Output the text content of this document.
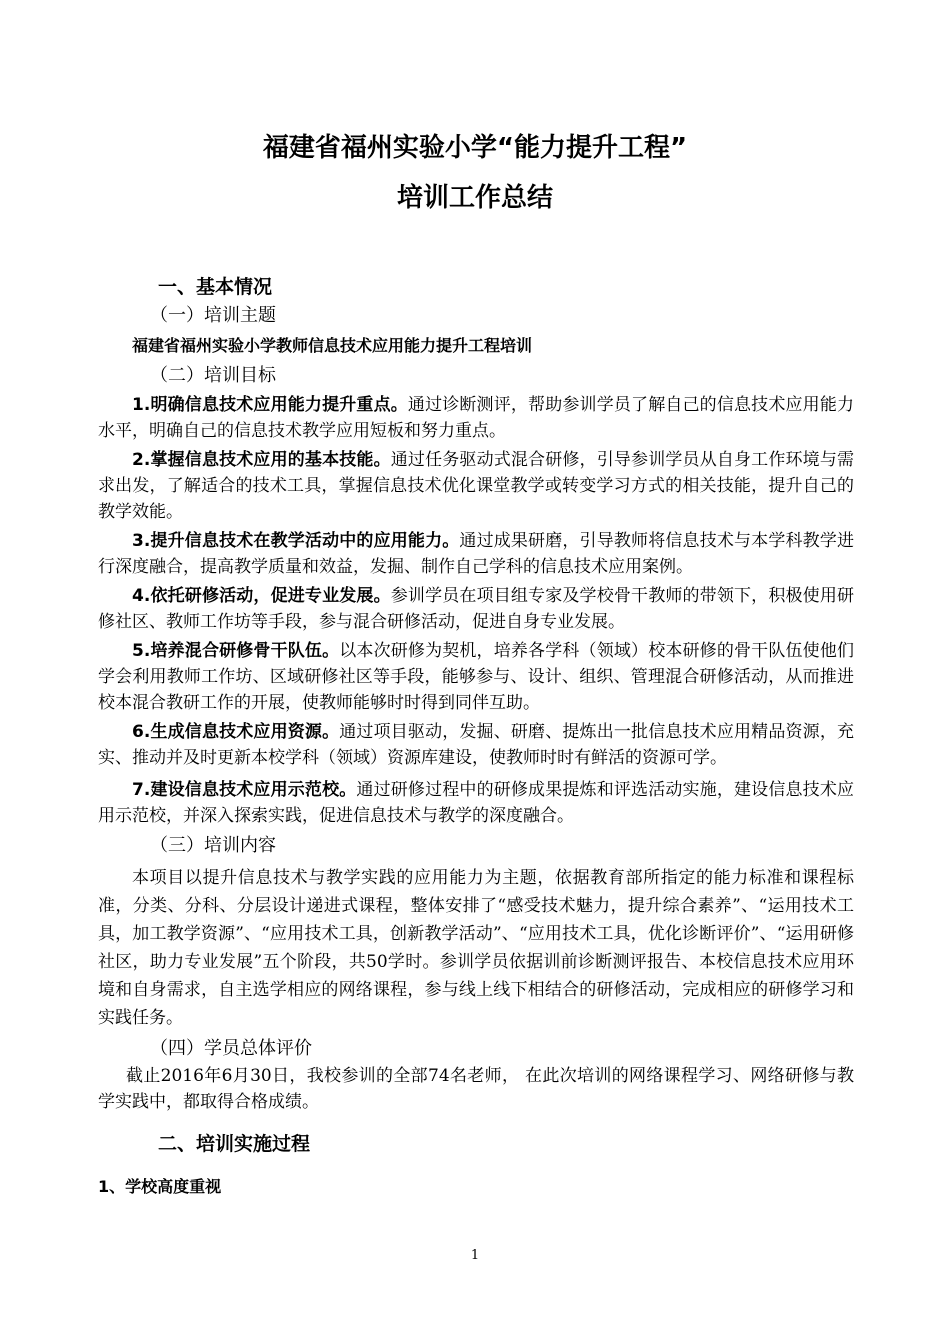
福建省福州实验小学“能力提升工程”
培训工作总结
一、基本情况
（一）培训主题
福建省福州实验小学教师信息技术应用能力提升工程培训
（二）培训目标

1.明确信息技术应用能力提升重点。通过诊断测评，帮助参训学员了解自己的信息技术应用能力水平，明确自己的信息技术教学应用短板和努力重点。

2.掌握信息技术应用的基本技能。通过任务驱动式混合研修，引导参训学员从自身工作环境与需求出发，了解适合的技术工具，掌握信息技术优化课堂教学或转变学习方式的相关技能，提升自己的教学效能。

3.提升信息技术在教学活动中的应用能力。通过成果研磨，引导教师将信息技术与本学科教学进行深度融合，提高教学质量和效益，发掘、制作自己学科的信息技术应用案例。

4.依托研修活动，促进专业发展。参训学员在项目组专家及学校骨干教师的带领下，积极使用研修社区、教师工作坊等手段，参与混合研修活动，促进自身专业发展。

5.培养混合研修骨干队伍。以本次研修为契机，培养各学科（领域）校本研修的骨干队伍使他们学会利用教师工作坊、区域研修社区等手段，能够参与、设计、组织、管理混合研修活动，从而推进校本混合教研工作的开展，使教师能够时时得到同伴互助。

6.生成信息技术应用资源。通过项目驱动，发掘、研磨、提炼出一批信息技术应用精品资源，充实、推动并及时更新本校学科（领域）资源库建设，使教师时时有鲜活的资源可学。

7.建设信息技术应用示范校。通过研修过程中的研修成果提炼和评选活动实施，建设信息技术应用示范校，并深入探索实践，促进信息技术与教学的深度融合。

（三）培训内容

本项目以提升信息技术与教学实践的应用能力为主题，依据教育部所指定的能力标准和课程标准，分类、分科、分层设计递进式课程，整体安排了“感受技术魅力，提升综合素养”、“运用技术工具，加工教学资源”、“应用技术工具，创新教学活动”、“应用技术工具，优化诊断评价”、“运用研修社区，助力专业发展”五个阶段，共50学时。参训学员依据训前诊断测评报告、本校信息技术应用环境和自身需求，自主选学相应的网络课程，参与线上线下相结合的研修活动，完成相应的研修学习和实践任务。

（四）学员总体评价

截止2016年6月30日，我校参训的全部74名老师， 在此次培训的网络课程学习、网络研修与教学实践中，都取得合格成绩。

二、培训实施过程
1、学校高度重视
1
